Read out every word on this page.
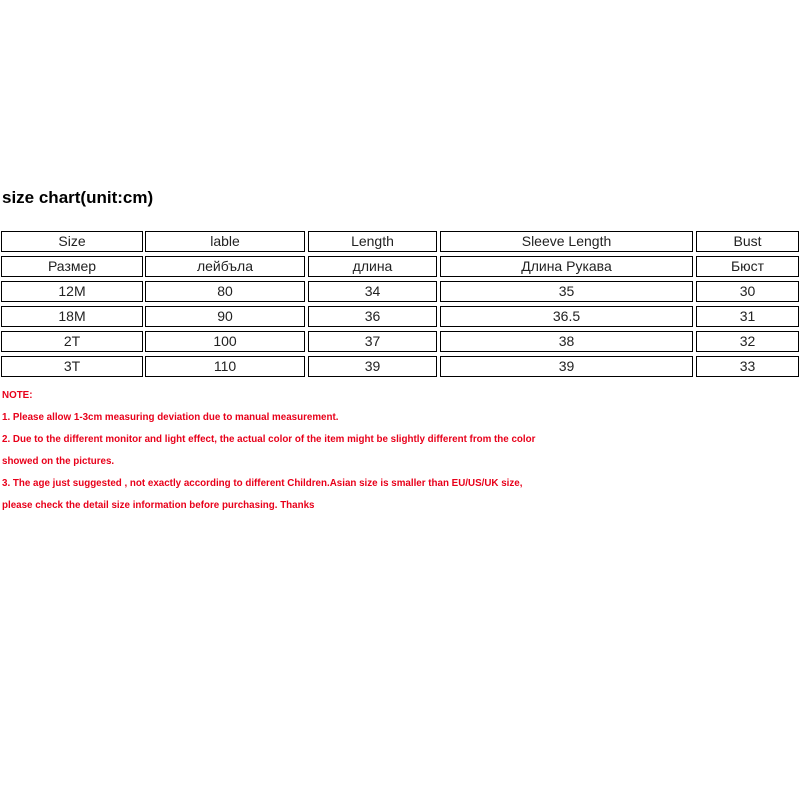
size chart(unit:cm)
Size	lable	Length	Sleeve Length	Bust
Размер	лейбъла	длина	Длина Рукава	Бюст
12M	80	34	35	30
18M	90	36	36.5	31
2T	100	37	38	32
3T	110	39	39	33
NOTE:
1. Please allow 1-3cm measuring deviation due to manual measurement.
2. Due to the different monitor and light effect, the actual color of the item might be slightly different from the color
showed on the pictures.
3. The age just suggested , not exactly according to different Children.Asian size is smaller than EU/US/UK size,
please check the detail size information before purchasing. Thanks
